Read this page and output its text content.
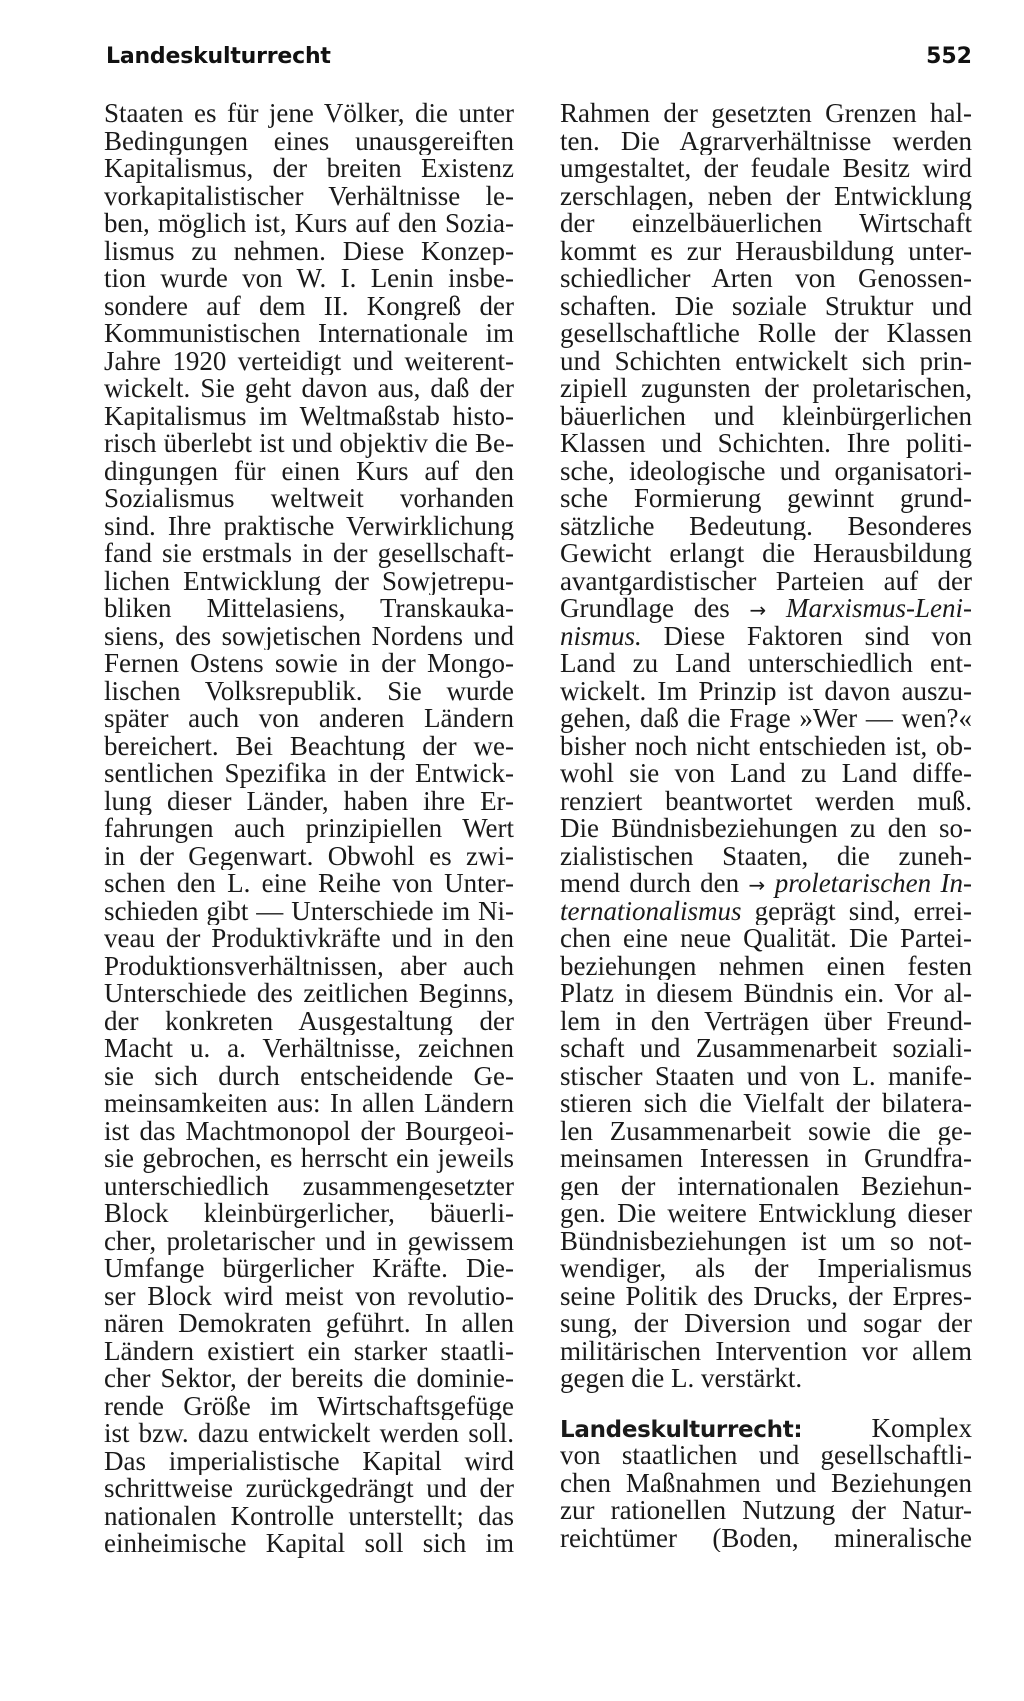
Landeskulturrecht	552
Staaten es für jene Völker, die unter
Bedingungen eines unausgereiften
Kapitalismus, der breiten Existenz
vorkapitalistischer Verhältnisse le-
ben, möglich ist, Kurs auf den Sozia-
lismus zu nehmen. Diese Konzep-
tion wurde von W. I. Lenin insbe-
sondere auf dem II. Kongreß der
Kommunistischen Internationale im
Jahre 1920 verteidigt und weiterent-
wickelt. Sie geht davon aus, daß der
Kapitalismus im Weltmaßstab histo-
risch überlebt ist und objektiv die Be-
dingungen für einen Kurs auf den
Sozialismus weltweit vorhanden
sind. Ihre praktische Verwirklichung
fand sie erstmals in der gesellschaft-
lichen Entwicklung der Sowjetrepu-
bliken Mittelasiens, Transkauka-
siens, des sowjetischen Nordens und
Fernen Ostens sowie in der Mongo-
lischen Volksrepublik. Sie wurde
später auch von anderen Ländern
bereichert. Bei Beachtung der we-
sentlichen Spezifika in der Entwick-
lung dieser Länder, haben ihre Er-
fahrungen auch prinzipiellen Wert
in der Gegenwart. Obwohl es zwi-
schen den L. eine Reihe von Unter-
schieden gibt — Unterschiede im Ni-
veau der Produktivkräfte und in den
Produktionsverhältnissen, aber auch
Unterschiede des zeitlichen Beginns,
der konkreten Ausgestaltung der
Macht u. a. Verhältnisse, zeichnen
sie sich durch entscheidende Ge-
meinsamkeiten aus: In allen Ländern
ist das Machtmonopol der Bourgeoi-
sie gebrochen, es herrscht ein jeweils
unterschiedlich zusammengesetzter
Block kleinbürgerlicher, bäuerli-
cher, proletarischer und in gewissem
Umfange bürgerlicher Kräfte. Die-
ser Block wird meist von revolutio-
nären Demokraten geführt. In allen
Ländern existiert ein starker staatli-
cher Sektor, der bereits die dominie-
rende Größe im Wirtschaftsgefüge
ist bzw. dazu entwickelt werden soll.
Das imperialistische Kapital wird
schrittweise zurückgedrängt und der
nationalen Kontrolle unterstellt; das
einheimische Kapital soll sich im
Rahmen der gesetzten Grenzen hal-
ten. Die Agrarverhältnisse werden
umgestaltet, der feudale Besitz wird
zerschlagen, neben der Entwicklung
der einzelbäuerlichen Wirtschaft
kommt es zur Herausbildung unter-
schiedlicher Arten von Genossen-
schaften. Die soziale Struktur und
gesellschaftliche Rolle der Klassen
und Schichten entwickelt sich prin-
zipiell zugunsten der proletarischen,
bäuerlichen und kleinbürgerlichen
Klassen und Schichten. Ihre politi-
sche, ideologische und organisatori-
sche Formierung gewinnt grund-
sätzliche Bedeutung. Besonderes
Gewicht erlangt die Herausbildung
avantgardistischer Parteien auf der
Grundlage des → Marxismus-Leni-
nismus. Diese Faktoren sind von
Land zu Land unterschiedlich ent-
wickelt. Im Prinzip ist davon auszu-
gehen, daß die Frage »Wer — wen?«
bisher noch nicht entschieden ist, ob-
wohl sie von Land zu Land diffe-
renziert beantwortet werden muß.
Die Bündnisbeziehungen zu den so-
zialistischen Staaten, die zuneh-
mend durch den → proletarischen In-
ternationalismus geprägt sind, errei-
chen eine neue Qualität. Die Partei-
beziehungen nehmen einen festen
Platz in diesem Bündnis ein. Vor al-
lem in den Verträgen über Freund-
schaft und Zusammenarbeit soziali-
stischer Staaten und von L. manife-
stieren sich die Vielfalt der bilatera-
len Zusammenarbeit sowie die ge-
meinsamen Interessen in Grundfra-
gen der internationalen Beziehun-
gen. Die weitere Entwicklung dieser
Bündnisbeziehungen ist um so not-
wendiger, als der Imperialismus
seine Politik des Drucks, der Erpres-
sung, der Diversion und sogar der
militärischen Intervention vor allem
gegen die L. verstärkt.
Landeskulturrecht:	Komplex
von staatlichen und gesellschaftli-
chen Maßnahmen und Beziehungen
zur rationellen Nutzung der Natur-
reichtümer (Boden, mineralische
